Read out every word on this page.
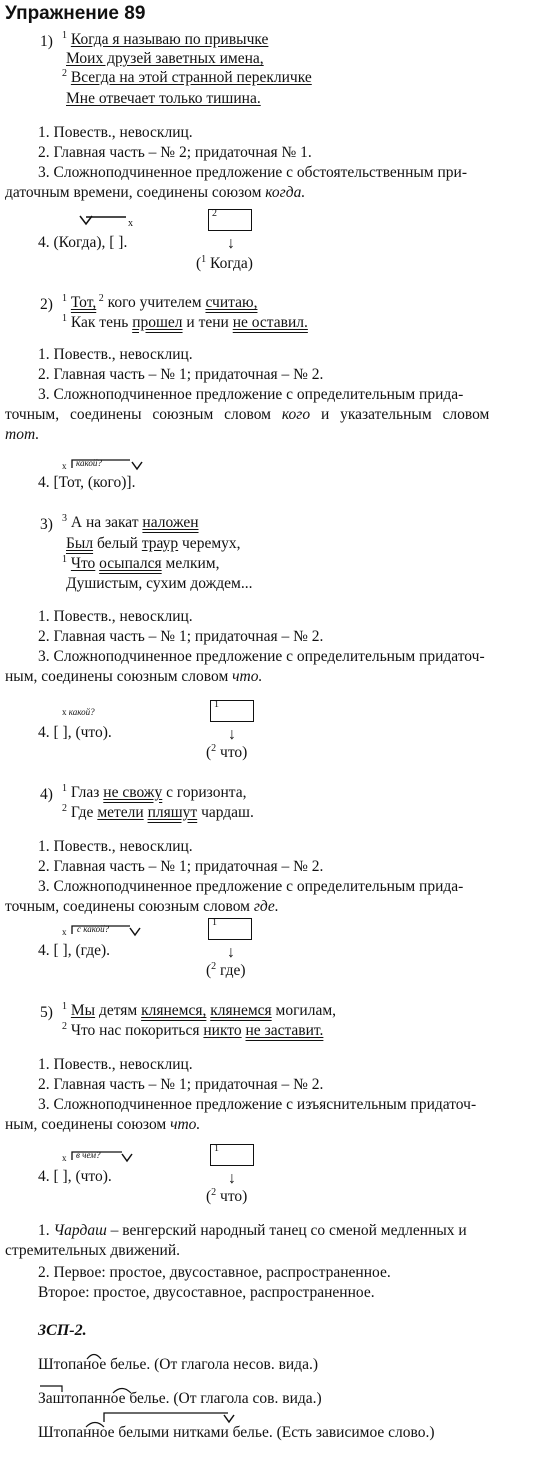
Упражнение 89
1) $^1$ Когда я называю по привычке
Моих друзей заветных имена,
$^2$ Всегда на этой странной перекличке
Мне отвечает только тишина.
1. Повеств., невосклиц.
2. Главная часть – № 2; придаточная № 1.
3. Сложноподчиненное предложение с обстоятельственным при-
даточным времени, соединены союзом когда.
x
4. (Когда), [ ].
2
↓
($^1$ Когда)
2) $^1$ Тот, $^2$ кого учителем считаю,
$^1$ Как тень прошел и тени не оставил.
1. Повеств., невосклиц.
2. Главная часть – № 1; придаточная – № 2.
3. Сложноподчиненное предложение с определительным прида-
точным, соединены союзным словом кого и указательным словом
тот.
x какой?
4. [Тот, (кого)].
3) $^3$ А на закат наложен
Был белый траур черемух,
$^1$ Что осыпался мелким,
Душистым, сухим дождем...
1. Повеств., невосклиц.
2. Главная часть – № 1; придаточная – № 2.
3. Сложноподчиненное предложение с определительным придаточ-
ным, соединены союзным словом что.
x какой?
4. [ ], (что).
1
↓
($^2$ что)
4) $^1$ Глаз не свожу с горизонта,
$^2$ Где метели пляшут чардаш.
1. Повеств., невосклиц.
2. Главная часть – № 1; придаточная – № 2.
3. Сложноподчиненное предложение с определительным прида-
точным, соединены союзным словом где.
x с какой?
4. [ ], (где).
1
↓
($^2$ где)
5) $^1$ Мы детям клянемся, клянемся могилам,
$^2$ Что нас покориться никто не заставит.
1. Повеств., невосклиц.
2. Главная часть – № 1; придаточная – № 2.
3. Сложноподчиненное предложение с изъяснительным придаточ-
ным, соединены союзом что.
x в чем?
4. [ ], (что).
1
↓
($^2$ что)
1. Чардаш – венгерский народный танец со сменой медленных и
стремительных движений.
2. Первое: простое, двусоставное, распространенное.
Второе: простое, двусоставное, распространенное.
ЗСП-2.
Штопаное белье. (От глагола несов. вида.)
Заштопанное белье. (От глагола сов. вида.)
Штопанное белыми нитками белье. (Есть зависимое слово.)
